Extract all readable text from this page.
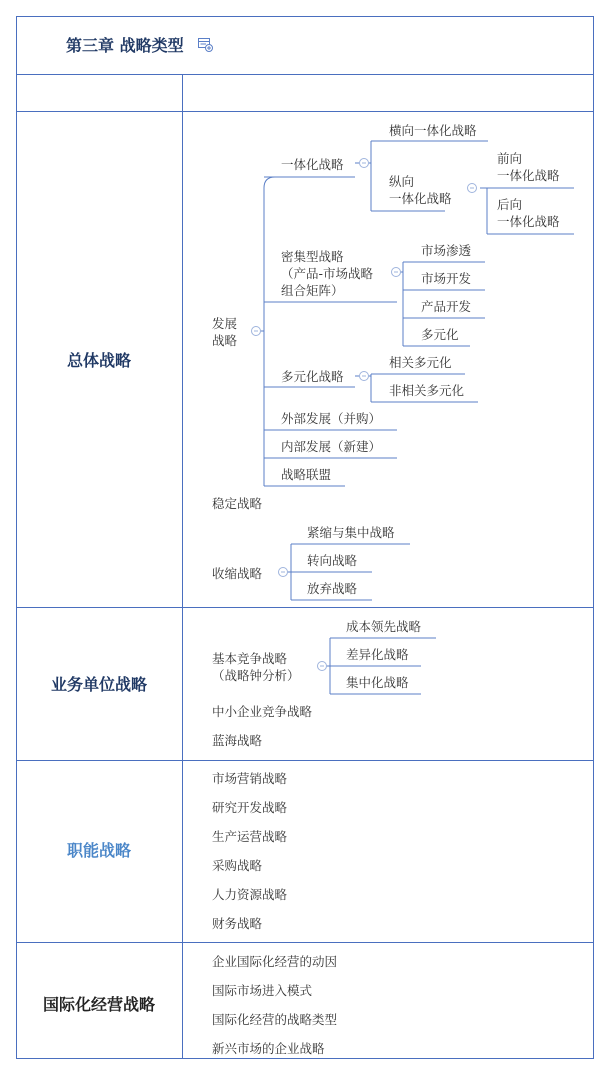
第三章 战略类型
总体战略
业务单位战略
职能战略
国际化经营战略
发展
战略
一体化战略
横向一体化战略
纵向
一体化战略
前向
一体化战略
后向
一体化战略
密集型战略
（产品-市场战略
组合矩阵）
市场渗透
市场开发
产品开发
多元化
多元化战略
相关多元化
非相关多元化
外部发展（并购）
内部发展（新建）
战略联盟
稳定战略
收缩战略
紧缩与集中战略
转向战略
放弃战略
基本竞争战略
（战略钟分析）
成本领先战略
差异化战略
集中化战略
中小企业竞争战略
蓝海战略
市场营销战略
研究开发战略
生产运营战略
采购战略
人力资源战略
财务战略
企业国际化经营的动因
国际市场进入模式
国际化经营的战略类型
新兴市场的企业战略
